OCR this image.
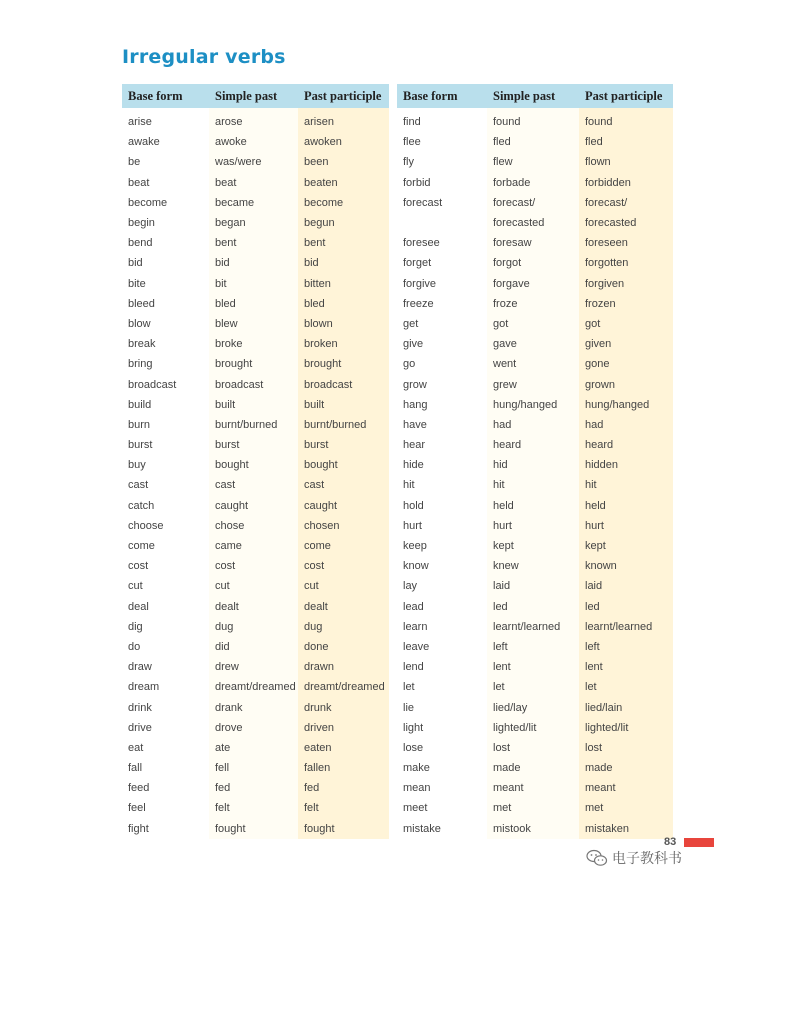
Irregular verbs
Base form	Simple past	Past participle
arise	arose	arisen
awake	awoke	awoken
be	was/were	been
beat	beat	beaten
become	became	become
begin	began	begun
bend	bent	bent
bid	bid	bid
bite	bit	bitten
bleed	bled	bled
blow	blew	blown
break	broke	broken
bring	brought	brought
broadcast	broadcast	broadcast
build	built	built
burn	burnt/burned	burnt/burned
burst	burst	burst
buy	bought	bought
cast	cast	cast
catch	caught	caught
choose	chose	chosen
come	came	come
cost	cost	cost
cut	cut	cut
deal	dealt	dealt
dig	dug	dug
do	did	done
draw	drew	drawn
dream	dreamt/dreamed	dreamt/dreamed
drink	drank	drunk
drive	drove	driven
eat	ate	eaten
fall	fell	fallen
feed	fed	fed
feel	felt	felt
fight	fought	fought
Base form	Simple past	Past participle
find	found	found
flee	fled	fled
fly	flew	flown
forbid	forbade	forbidden
forecast	forecast/	forecast/
	forecasted	forecasted
foresee	foresaw	foreseen
forget	forgot	forgotten
forgive	forgave	forgiven
freeze	froze	frozen
get	got	got
give	gave	given
go	went	gone
grow	grew	grown
hang	hung/hanged	hung/hanged
have	had	had
hear	heard	heard
hide	hid	hidden
hit	hit	hit
hold	held	held
hurt	hurt	hurt
keep	kept	kept
know	knew	known
lay	laid	laid
lead	led	led
learn	learnt/learned	learnt/learned
leave	left	left
lend	lent	lent
let	let	let
lie	lied/lay	lied/lain
light	lighted/lit	lighted/lit
lose	lost	lost
make	made	made
mean	meant	meant
meet	met	met
mistake	mistook	mistaken
83
电子教科书
